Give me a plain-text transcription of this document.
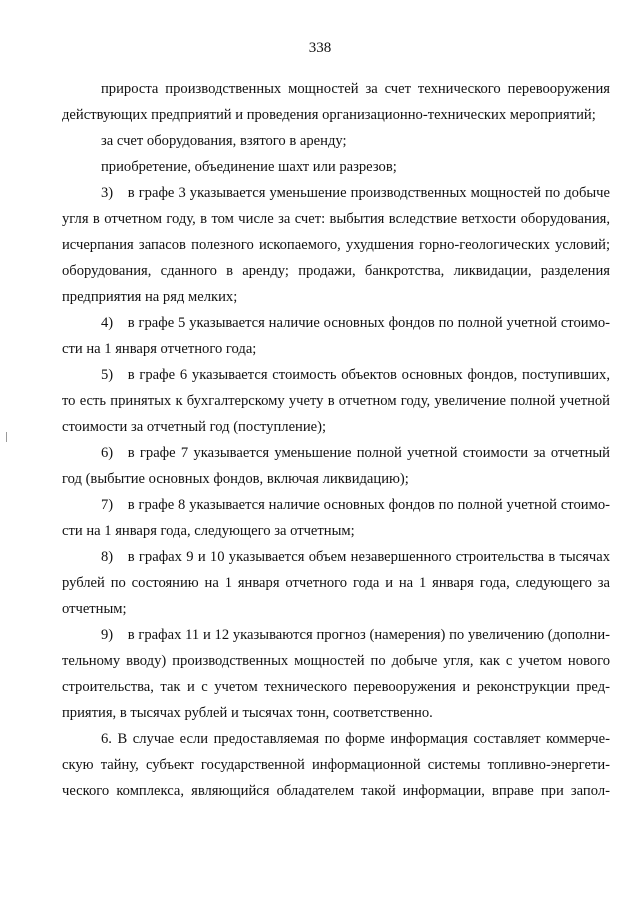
338
прироста производственных мощностей за счет технического перевооружения
действующих предприятий и проведения организационно-технических мероприятий;
за счет оборудования, взятого в аренду;
приобретение, объединение шахт или разрезов;
3) в графе 3 указывается уменьшение производственных мощностей по добыче
угля в отчетном году, в том числе за счет: выбытия вследствие ветхости оборудования,
исчерпания запасов полезного ископаемого, ухудшения горно-геологических условий;
оборудования, сданного в аренду; продажи, банкротства, ликвидации, разделения
предприятия на ряд мелких;
4) в графе 5 указывается наличие основных фондов по полной учетной стоимо-
сти на 1 января отчетного года;
5) в графе 6 указывается стоимость объектов основных фондов, поступивших,
то есть принятых к бухгалтерскому учету в отчетном году, увеличение полной учетной
стоимости за отчетный год (поступление);
6) в графе 7 указывается уменьшение полной учетной стоимости за отчетный
год (выбытие основных фондов, включая ликвидацию);
7) в графе 8 указывается наличие основных фондов по полной учетной стоимо-
сти на 1 января года, следующего за отчетным;
8) в графах 9 и 10 указывается объем незавершенного строительства в тысячах
рублей по состоянию на 1 января отчетного года и на 1 января года, следующего за
отчетным;
9) в графах 11 и 12 указываются прогноз (намерения) по увеличению (дополни-
тельному вводу) производственных мощностей по добыче угля, как с учетом нового
строительства, так и с учетом технического перевооружения и реконструкции пред-
приятия, в тысячах рублей и тысячах тонн, соответственно.
6. В случае если предоставляемая по форме информация составляет коммерче-
скую тайну, субъект государственной информационной системы топливно-энергети-
ческого комплекса, являющийся обладателем такой информации, вправе при запол-
